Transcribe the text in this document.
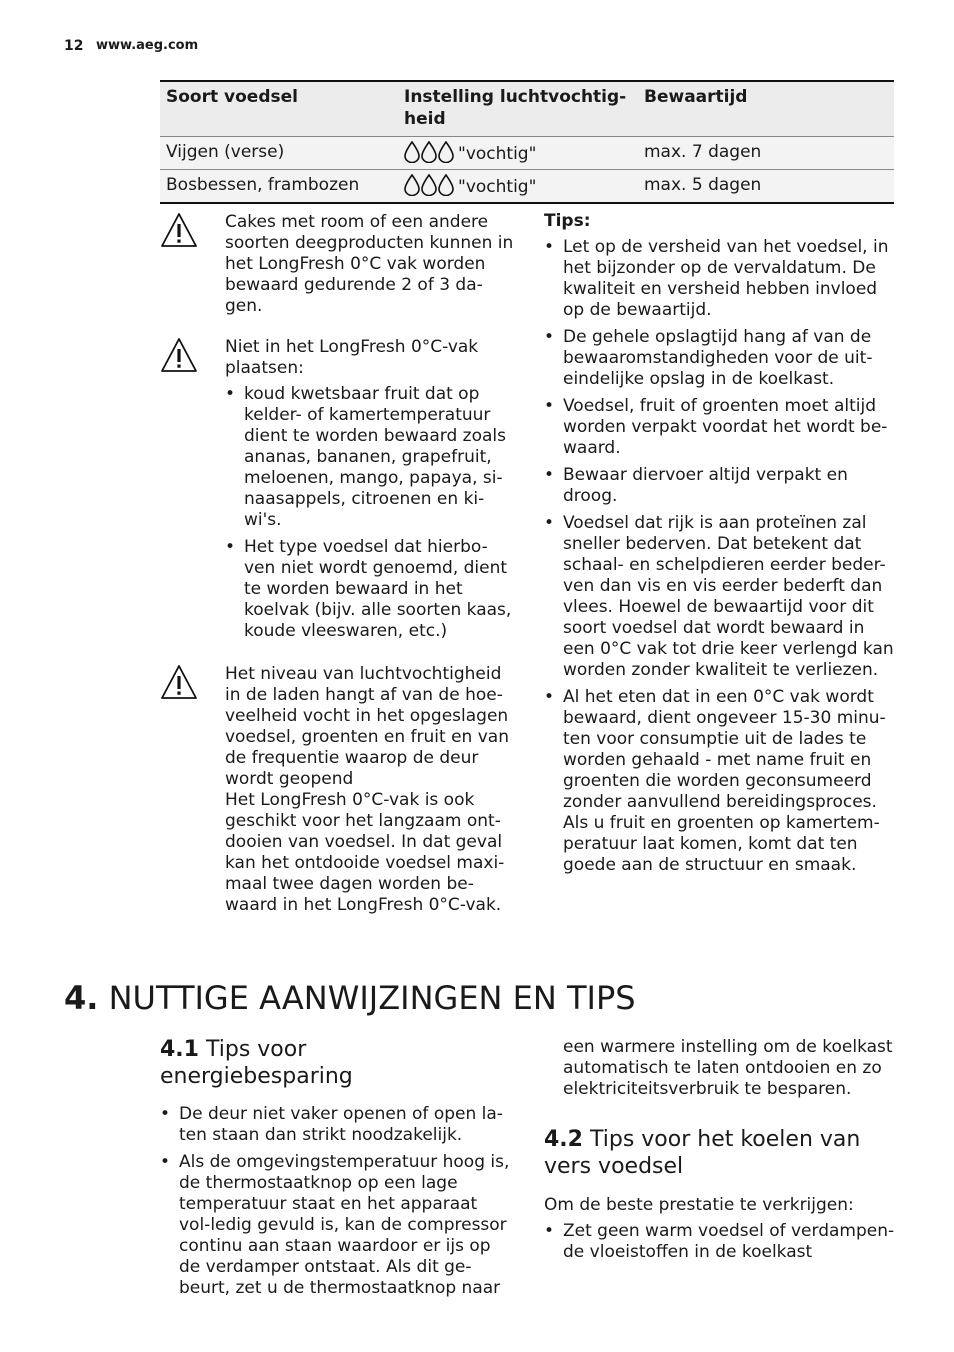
12 www.aeg.com
Soort voedsel	Instelling luchtvochtig-heid	Bewaartijd
Vijgen (verse)	"vochtig"	max. 7 dagen
Bosbessen, frambozen	"vochtig"	max. 5 dagen
Cakes met room of een andere soorten deegproducten kunnen in het LongFresh 0°C vak worden bewaard gedurende 2 of 3 da-gen.
Niet in het LongFresh 0°C-vak plaatsen:
• koud kwetsbaar fruit dat op kelder- of kamertemperatuur dient te worden bewaard zoals ananas, bananen, grapefruit, meloenen, mango, papaya, si-naasappels, citroenen en ki-wi's.
• Het type voedsel dat hierbo-ven niet wordt genoemd, dient te worden bewaard in het koelvak (bijv. alle soorten kaas, koude vleeswaren, etc.)
Het niveau van luchtvochtigheid in de laden hangt af van de hoe-veelheid vocht in het opgeslagen voedsel, groenten en fruit en van de frequentie waarop de deur wordt geopend
Het LongFresh 0°C-vak is ook geschikt voor het langzaam ont-dooien van voedsel. In dat geval kan het ontdooide voedsel maxi-maal twee dagen worden be-waard in het LongFresh 0°C-vak.
Tips:
• Let op de versheid van het voedsel, in het bijzonder op de vervaldatum. De kwaliteit en versheid hebben invloed op de bewaartijd.
• De gehele opslagtijd hang af van de bewaaromstandigheden voor de uit-eindelijke opslag in de koelkast.
• Voedsel, fruit of groenten moet altijd worden verpakt voordat het wordt be-waard.
• Bewaar diervoer altijd verpakt en droog.
• Voedsel dat rijk is aan proteïnen zal sneller bederven. Dat betekent dat schaal- en schelpdieren eerder beder-ven dan vis en vis eerder bederft dan vlees. Hoewel de bewaartijd voor dit soort voedsel dat wordt bewaard in een 0°C vak tot drie keer verlengd kan worden zonder kwaliteit te verliezen.
• Al het eten dat in een 0°C vak wordt bewaard, dient ongeveer 15-30 minu-ten voor consumptie uit de lades te worden gehaald - met name fruit en groenten die worden geconsumeerd zonder aanvullend bereidingsproces. Als u fruit en groenten op kamertem-peratuur laat komen, komt dat ten goede aan de structuur en smaak.
4. NUTTIGE AANWIJZINGEN EN TIPS
4.1 Tips voor
energiebesparing
• De deur niet vaker openen of open la-ten staan dan strikt noodzakelijk.
• Als de omgevingstemperatuur hoog is, de thermostaatknop op een lage temperatuur staat en het apparaat vol-ledig gevuld is, kan de compressor continu aan staan waardoor er ijs op de verdamper ontstaat. Als dit ge-beurt, zet u de thermostaatknop naar
een warmere instelling om de koelkast automatisch te laten ontdooien en zo elektriciteitsverbruik te besparen.
4.2 Tips voor het koelen van
vers voedsel
Om de beste prestatie te verkrijgen:
• Zet geen warm voedsel of verdampen-de vloeistoffen in de koelkast
